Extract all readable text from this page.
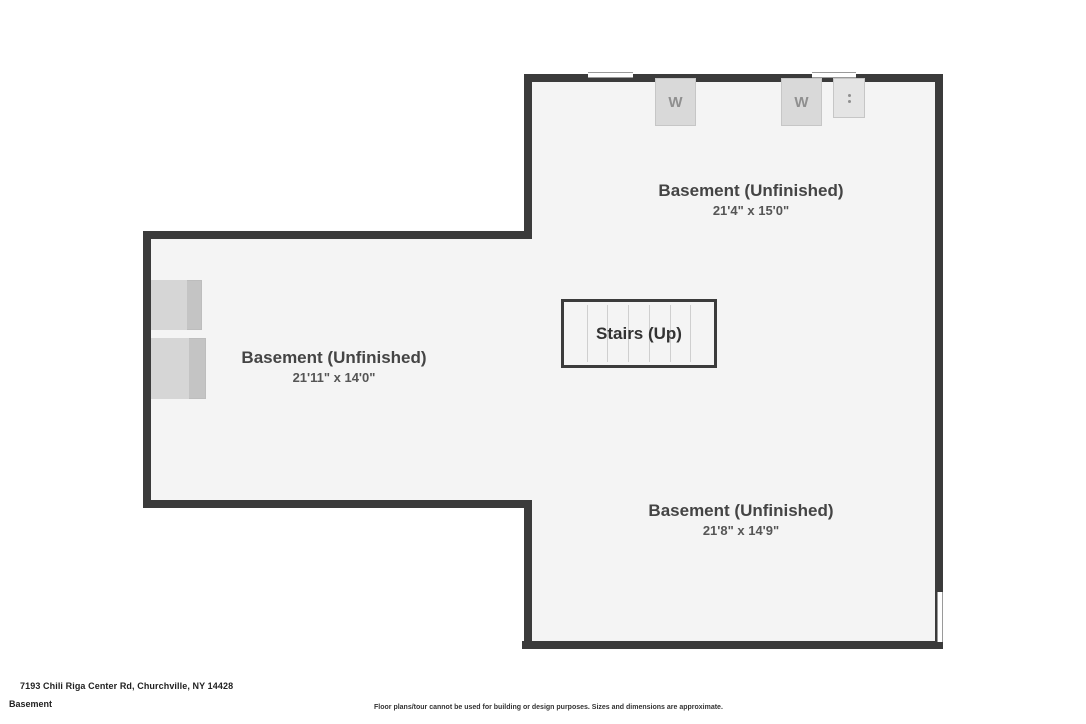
W	W
Stairs (Up)
Basement (Unfinished)
21'4" x 15'0"
Basement (Unfinished)
21'11" x 14'0"
Basement (Unfinished)
21'8" x 14'9"
7193 Chili Riga Center Rd, Churchville, NY 14428
Basement	Floor plans/tour cannot be used for building or design purposes. Sizes and dimensions are approximate.
